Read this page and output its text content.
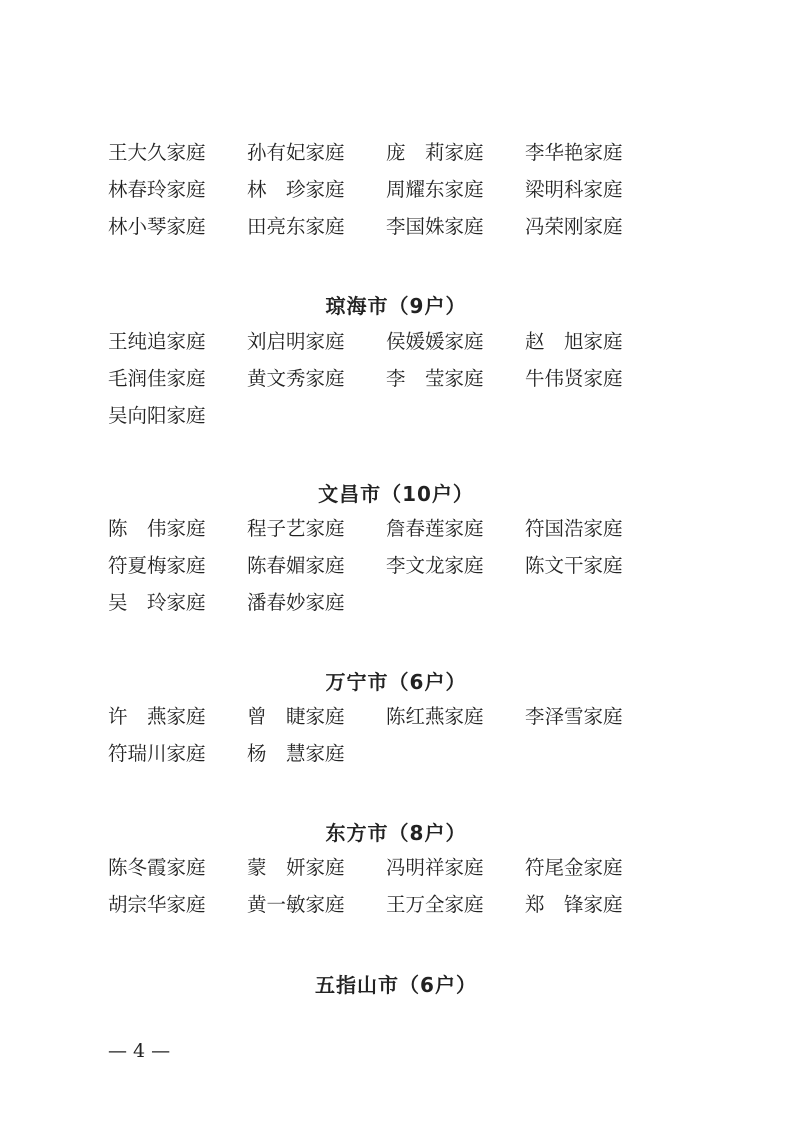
王大久家庭	孙有妃家庭	庞　莉家庭	李华艳家庭
林春玲家庭	林　珍家庭	周耀东家庭	梁明科家庭
林小琴家庭	田亮东家庭	李国姝家庭	冯荣刚家庭
琼海市（9户）
王纯追家庭	刘启明家庭	侯媛媛家庭	赵　旭家庭
毛润佳家庭	黄文秀家庭	李　莹家庭	牛伟贤家庭
吴向阳家庭
文昌市（10户）
陈　伟家庭	程子艺家庭	詹春莲家庭	符国浩家庭
符夏梅家庭	陈春媚家庭	李文龙家庭	陈文干家庭
吴　玲家庭	潘春妙家庭
万宁市（6户）
许　燕家庭	曾　睫家庭	陈红燕家庭	李泽雪家庭
符瑞川家庭	杨　慧家庭
东方市（8户）
陈冬霞家庭	蒙　妍家庭	冯明祥家庭	符尾金家庭
胡宗华家庭	黄一敏家庭	王万全家庭	郑　锋家庭
五指山市（6户）
— 4 —
